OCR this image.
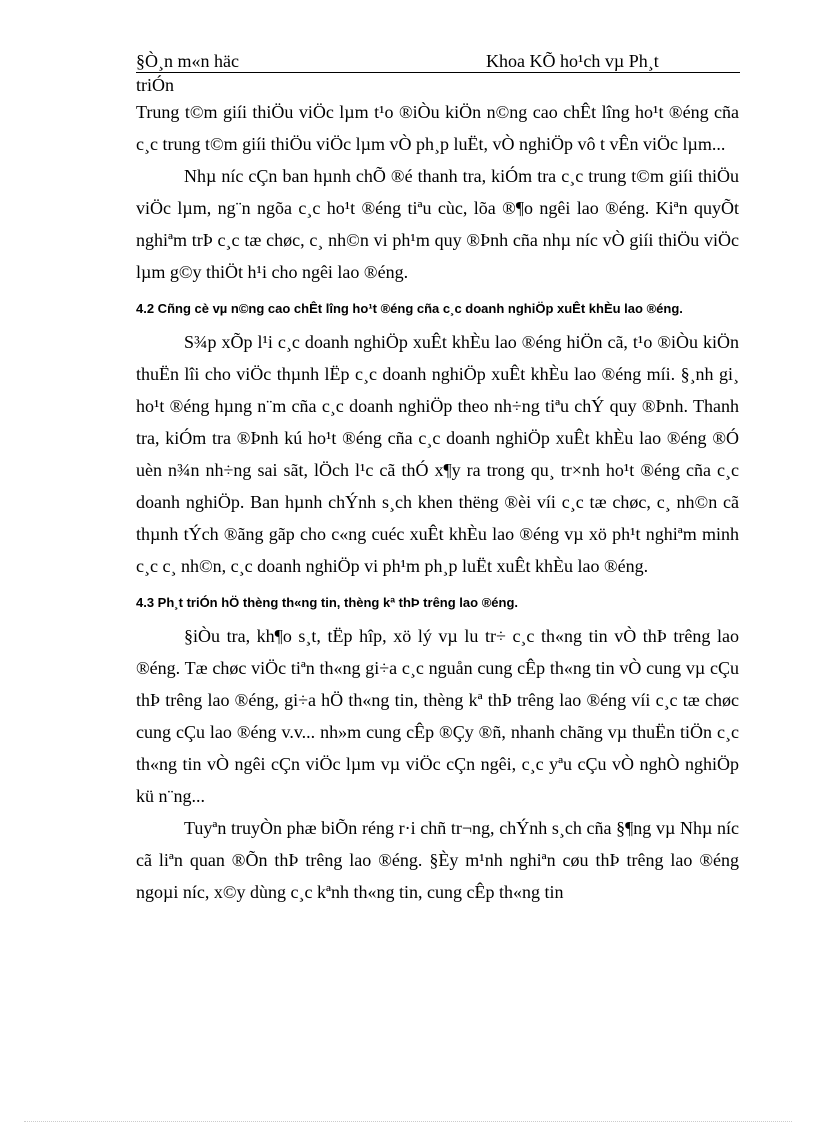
§Ò¸n m«n häc	Khoa KÕ ho¹ch vµ Ph¸t
triÓn

Trung t©m giíi thiÖu viÖc lµm t¹o ®iÒu kiÖn n©ng cao chÊt lîng ho¹t ®éng cña c¸c trung t©m giíi thiÖu viÖc lµm vÒ ph¸p luËt, vÒ nghiÖp vô t vÊn viÖc lµm...

Nhµ níc cÇn ban hµnh chÕ ®é thanh tra, kiÓm tra c¸c trung t©m giíi thiÖu viÖc lµm, ng¨n ngõa c¸c ho¹t ®éng tiªu cùc, lõa ®¶o ngêi lao ®éng. Kiªn quyÕt nghiªm trÞ c¸c tæ chøc, c¸ nh©n vi ph¹m quy ®Þnh cña nhµ níc vÒ giíi thiÖu viÖc lµm g©y thiÖt h¹i cho ngêi lao ®éng.

4.2 Cñng cè vµ n©ng cao chÊt lîng ho¹t ®éng cña c¸c doanh nghiÖp xuÊt khÈu lao ®éng.

S¾p xÕp l¹i c¸c doanh nghiÖp xuÊt khÈu lao ®éng hiÖn cã, t¹o ®iÒu kiÖn thuËn lîi cho viÖc thµnh lËp c¸c doanh nghiÖp xuÊt khÈu lao ®éng míi. §¸nh gi¸ ho¹t ®éng hµng n¨m cña c¸c doanh nghiÖp theo nh÷ng tiªu chÝ quy ®Þnh. Thanh tra, kiÓm tra ®Þnh kú ho¹t ®éng cña c¸c doanh nghiÖp xuÊt khÈu lao ®éng ®Ó uèn n¾n nh÷ng sai sãt, lÖch l¹c cã thÓ x¶y ra trong qu¸ tr×nh ho¹t ®éng cña c¸c doanh nghiÖp. Ban hµnh chÝnh s¸ch khen thëng ®èi víi c¸c tæ chøc, c¸ nh©n cã thµnh tÝch ®ãng gãp cho c«ng cuéc xuÊt khÈu lao ®éng vµ xö ph¹t nghiªm minh c¸c c¸ nh©n, c¸c doanh nghiÖp vi ph¹m ph¸p luËt xuÊt khÈu lao ®éng.

4.3 Ph¸t triÓn hÖ thèng th«ng tin, thèng kª thÞ trêng lao ®éng.

§iÒu tra, kh¶o s¸t, tËp hîp, xö lý vµ lu tr÷ c¸c th«ng tin vÒ thÞ trêng lao ®éng. Tæ chøc viÖc tiªn th«ng gi÷a c¸c nguån cung cÊp th«ng tin vÒ cung vµ cÇu thÞ trêng lao ®éng, gi÷a hÖ th«ng tin, thèng kª thÞ trêng lao ®éng víi c¸c tæ chøc cung cÇu lao ®éng v.v... nh»m cung cÊp ®Çy ®ñ, nhanh chãng vµ thuËn tiÖn c¸c th«ng tin vÒ ngêi cÇn viÖc lµm vµ viÖc cÇn ngêi, c¸c yªu cÇu vÒ nghÒ nghiÖp kü n¨ng...

Tuyªn truyÒn phæ biÕn réng r·i chñ tr¬ng, chÝnh s¸ch cña §¶ng vµ Nhµ níc cã liªn quan ®Õn thÞ trêng lao ®éng. §Èy m¹nh nghiªn cøu thÞ trêng lao ®éng ngoµi níc, x©y dùng c¸c kªnh th«ng tin, cung cÊp th«ng tin
